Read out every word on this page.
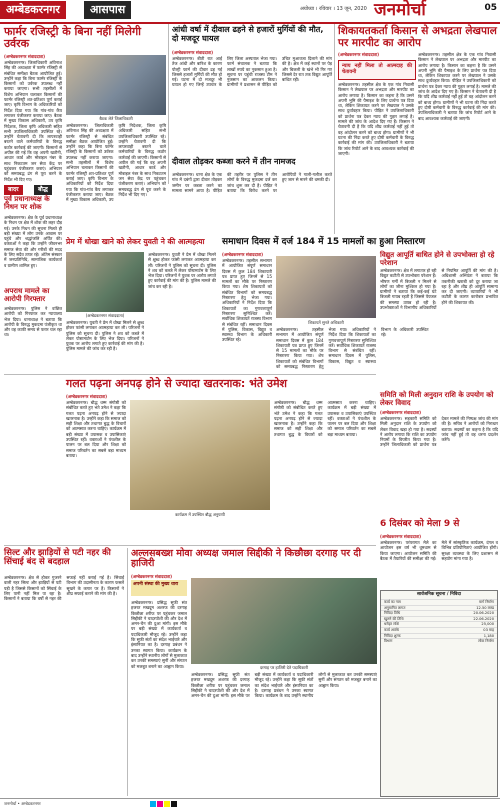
अम्बेडकरनगर	आसपास	अयोध्या । रविवार । 13 जून, 2020 जनमोर्चा	05
फार्मर रजिस्ट्री के बिना नहीं मिलेगी उर्वरक
(अम्बेडकरनगर संवाददाता)
अम्बेडकरनगर। जिलाधिकारी अविनाश सिंह की अध्यक्षता में फार्मर रजिस्ट्री से संबंधित समीक्षा बैठक आयोजित हुई। उन्होंने कहा कि बिना फार्मर रजिस्ट्री के किसानों को उर्वरक उपलब्ध नहीं कराया जाएगा। सभी तहसीलों में विशेष अभियान चलाकर किसानों की फार्मर रजिस्ट्री शत-प्रतिशत पूर्ण कराई जाए। कृषि विभाग के अधिकारियों को निर्देश दिया गया कि गांव-गांव कैंप लगाकर पंजीकरण कराया जाए। बैठक में मुख्य विकास अधिकारी, उप कृषि निदेशक, जिला कृषि अधिकारी सहित सभी उपजिलाधिकारी उपस्थित रहे। उन्होंने चेतावनी दी कि लापरवाही बरतने वाले कर्मचारियों के विरुद्ध कठोर कार्रवाई की जाएगी। किसानों से अपील की गई कि वह अपनी खतौनी, आधार कार्ड और मोबाइल नंबर के साथ निकटतम जन सेवा केंद्र पर पहुंचकर पंजीकरण कराएं। अभियान को समयबद्ध ढंग से पूरा करने के निर्देश भी दिए गए।
बैठक लेते जिलाधिकारी
अम्बेडकरनगर। जिलाधिकारी अविनाश सिंह की अध्यक्षता में फार्मर रजिस्ट्री से संबंधित समीक्षा बैठक आयोजित हुई। उन्होंने कहा कि बिना फार्मर रजिस्ट्री के किसानों को उर्वरक उपलब्ध नहीं कराया जाएगा। सभी तहसीलों में विशेष अभियान चलाकर किसानों की फार्मर रजिस्ट्री शत-प्रतिशत पूर्ण कराई जाए। कृषि विभाग के अधिकारियों को निर्देश दिया गया कि गांव-गांव कैंप लगाकर पंजीकरण कराया जाए। बैठक में मुख्य विकास अधिकारी, उप कृषि निदेशक, जिला कृषि अधिकारी सहित सभी उपजिलाधिकारी उपस्थित रहे। उन्होंने चेतावनी दी कि लापरवाही बरतने वाले कर्मचारियों के विरुद्ध कठोर कार्रवाई की जाएगी। किसानों से अपील की गई कि वह अपनी खतौनी, आधार कार्ड और मोबाइल नंबर के साथ निकटतम जन सेवा केंद्र पर पहुंचकर पंजीकरण कराएं। अभियान को समयबद्ध ढंग से पूरा करने के निर्देश भी दिए गए।
आंधी वर्षा में दीवाल ढहने से हजारों मुर्गियों की मौत, दो मजदूर घायल
(अम्बेडकरनगर संवाददाता)
अम्बेडकरनगर। बीती रात आई तेज आंधी और बारिश के कारण पोल्ट्री फार्म की दीवार ढह गई जिससे हजारों मुर्गियों की मौत हो गई। घटना में दो मजदूर भी घायल हो गए जिन्हें उपचार के लिए जिला अस्पताल भेजा गया। फार्म संचालक ने बताया कि लाखों रुपये का नुकसान हुआ है। सूचना पर पहुंची राजस्व टीम ने नुकसान का आकलन किया। ग्रामीणों ने प्रशासन से पीड़ित को उचित मुआवजा दिलाने की मांग की है। क्षेत्र में कई स्थानों पर पेड़ और बिजली के खंभे भी गिर गए जिससे देर रात तक विद्युत आपूर्ति बाधित रही।
शिकायतकर्ता किसान से अभद्रता लेखपाल पर मारपीट का आरोप
(अम्बेडकरनगर संवाददाता)
न्याय नहीं मिला तो आत्मदाह की चेतावनी
अम्बेडकरनगर। तहसील क्षेत्र के एक गांव निवासी किसान ने लेखपाल पर अभद्रता और मारपीट का आरोप लगाया है। किसान का कहना है कि उसने अपनी भूमि की पैमाइश के लिए प्रार्थना पत्र दिया था, लेकिन शिकायत करने पर लेखपाल ने उसके साथ दुर्व्यवहार किया। पीड़ित ने उपजिलाधिकारी को प्रार्थना पत्र देकर न्याय की गुहार लगाई है। मामले की जांच के आदेश दिए गए हैं। किसान ने चेतावनी दी है कि यदि शीघ्र कार्रवाई नहीं हुई तो वह आंदोलन करने को बाध्य होगा। ग्रामीणों ने भी घटना की निंदा करते हुए दोषी कर्मचारी के विरुद्ध कार्रवाई की मांग की। उपजिलाधिकारी ने बताया कि जांच रिपोर्ट आने के बाद आवश्यक कार्रवाई की जाएगी।
अम्बेडकरनगर। तहसील क्षेत्र के एक गांव निवासी किसान ने लेखपाल पर अभद्रता और मारपीट का आरोप लगाया है। किसान का कहना है कि उसने अपनी भूमि की पैमाइश के लिए प्रार्थना पत्र दिया था, लेकिन शिकायत करने पर लेखपाल ने उसके साथ दुर्व्यवहार किया। पीड़ित ने उपजिलाधिकारी को प्रार्थना पत्र देकर न्याय की गुहार लगाई है। मामले की जांच के आदेश दिए गए हैं। किसान ने चेतावनी दी है कि यदि शीघ्र कार्रवाई नहीं हुई तो वह आंदोलन करने को बाध्य होगा। ग्रामीणों ने भी घटना की निंदा करते हुए दोषी कर्मचारी के विरुद्ध कार्रवाई की मांग की। उपजिलाधिकारी ने बताया कि जांच रिपोर्ट आने के बाद आवश्यक कार्रवाई की जाएगी।
बादर	बौद्ध
पूर्व प्रधानाध्यक्ष के निधन पर शोक
अम्बेडकरनगर। क्षेत्र के पूर्व प्रधानाध्यक्ष के निधन पर क्षेत्र में शोक की लहर दौड़ गई। उनके निधन की सूचना मिलते ही बड़ी संख्या में लोग उनके आवास पर पहुंचे और श्रद्धांजलि अर्पित की। वक्ताओं ने कहा कि उन्होंने जीवनभर समाज सेवा की और गरीबों की मदद के लिए सदैव तत्पर रहे। अंतिम संस्कार में जनप्रतिनिधि, सामाजिक कार्यकर्ता व ग्रामीण शामिल हुए।
अपराध मामले का आरोपी गिरफ्तार
अम्बेडकरनगर। पुलिस ने वांछित आरोपी को गिरफ्तार कर न्यायालय भेज दिया। थानाध्यक्ष ने बताया कि आरोपी के विरुद्ध मुकदमा पंजीकृत था और वह काफी समय से फरार चल रहा था।
दीवाल तोड़कर कब्जा करने में तीन नामजद
अम्बेडकरनगर। थाना क्षेत्र के एक गांव में दबंगों द्वारा दीवार तोड़कर जमीन पर कब्जा करने का मामला सामने आया है। पीड़ित की तहरीर पर पुलिस ने तीन लोगों के विरुद्ध मुकदमा दर्ज कर जांच शुरू कर दी है। पीड़ित ने बताया कि विरोध करने पर आरोपियों ने गाली-गलौज करते हुए जान से मारने की धमकी दी।
प्रेम में धोखा खाने को लेकर युवती ने की आत्महत्या
(अम्बेडकरनगर संवाददाता)
अम्बेडकरनगर। युवती ने प्रेम में धोखा मिलने से क्षुब्ध होकर फांसी लगाकर आत्महत्या कर ली। परिजनों ने पुलिस को सूचना दी। पुलिस ने शव को कब्जे में लेकर पोस्टमार्टम के लिए भेज दिया। परिजनों ने युवक पर आरोप लगाते हुए कार्रवाई की मांग की है। पुलिस मामले की जांच कर रही है।
अम्बेडकरनगर। युवती ने प्रेम में धोखा मिलने से क्षुब्ध होकर फांसी लगाकर आत्महत्या कर ली। परिजनों ने पुलिस को सूचना दी। पुलिस ने शव को कब्जे में लेकर पोस्टमार्टम के लिए भेज दिया। परिजनों ने युवक पर आरोप लगाते हुए कार्रवाई की मांग की है। पुलिस मामले की जांच कर रही है।
समाधान दिवस में दर्ज 184 में 15 मामलों का हुआ निस्तारण
(अम्बेडकरनगर संवाददाता)
अम्बेडकरनगर। तहसील सभागार में आयोजित संपूर्ण समाधान दिवस में कुल 184 शिकायती पत्र प्राप्त हुए जिनमें से 15 मामलों का मौके पर निस्तारण किया गया। शेष शिकायतों को संबंधित विभागों को समयबद्ध निस्तारण हेतु भेजा गया। अधिकारियों ने निर्देश दिया कि शिकायतों का गुणवत्तापूर्ण निस्तारण सुनिश्चित करें। सर्वाधिक शिकायतें राजस्व विभाग से संबंधित रहीं। समाधान दिवस में पुलिस, विकास, विद्युत व स्वास्थ्य विभाग के अधिकारी उपस्थित रहे।
शिकायतें सुनते अधिकारी
अम्बेडकरनगर। तहसील सभागार में आयोजित संपूर्ण समाधान दिवस में कुल 184 शिकायती पत्र प्राप्त हुए जिनमें से 15 मामलों का मौके पर निस्तारण किया गया। शेष शिकायतों को संबंधित विभागों को समयबद्ध निस्तारण हेतु भेजा गया। अधिकारियों ने निर्देश दिया कि शिकायतों का गुणवत्तापूर्ण निस्तारण सुनिश्चित करें। सर्वाधिक शिकायतें राजस्व विभाग से संबंधित रहीं। समाधान दिवस में पुलिस, विकास, विद्युत व स्वास्थ्य विभाग के अधिकारी उपस्थित रहे।
विद्युत आपूर्ति बाधित होने से उपभोक्ता हो रहे परेशान
अम्बेडकरनगर। क्षेत्र में लगातार हो रही विद्युत कटौती से उपभोक्ता परेशान हैं। भीषण गर्मी में बिजली न मिलने से लोगों का जीना मुश्किल हो गया है। ग्रामीणों ने बताया कि कई-कई घंटे बिजली गायब रहती है जिससे पेयजल की समस्या उत्पन्न हो रही है। उपभोक्ताओं ने विभागीय अधिकारियों से नियमित आपूर्ति की मांग की है। अधिशासी अभियंता ने बताया कि तकनीकी खराबी को दूर कराया जा रहा है और शीघ्र ही आपूर्ति सामान्य कर दी जाएगी। व्यापारियों ने भी कटौती के कारण कारोबार प्रभावित होने की शिकायत की।
गलत पढ़ना अनपढ़ होने से ज्यादा खतरनाक: भंते उमेश
(अम्बेडकरनगर संवाददाता)
अम्बेडकरनगर। बौद्ध धम्म संगोष्ठी को संबोधित करते हुए भंते उमेश ने कहा कि गलत पढ़ना अनपढ़ होने से ज्यादा खतरनाक है। उन्होंने कहा कि समाज को सही शिक्षा और तथागत बुद्ध के विचारों को आत्मसात करना चाहिए। कार्यक्रम में बड़ी संख्या में उपासक व उपासिकाएं उपस्थित रहीं। वक्ताओं ने पंचशील के पालन पर बल दिया और शिक्षा को समाज परिवर्तन का सबसे बड़ा माध्यम बताया।
कार्यक्रम में उपस्थित बौद्ध अनुयायी
अम्बेडकरनगर। बौद्ध धम्म संगोष्ठी को संबोधित करते हुए भंते उमेश ने कहा कि गलत पढ़ना अनपढ़ होने से ज्यादा खतरनाक है। उन्होंने कहा कि समाज को सही शिक्षा और तथागत बुद्ध के विचारों को आत्मसात करना चाहिए। कार्यक्रम में बड़ी संख्या में उपासक व उपासिकाएं उपस्थित रहीं। वक्ताओं ने पंचशील के पालन पर बल दिया और शिक्षा को समाज परिवर्तन का सबसे बड़ा माध्यम बताया।
समिति को मिली अनुदान राशि के उपयोग को लेकर विवाद
(अम्बेडकरनगर संवाददाता)
अम्बेडकरनगर। सहकारी समिति को मिली अनुदान राशि के उपयोग को लेकर विवाद खड़ा हो गया है। सदस्यों ने आरोप लगाया कि राशि का उपयोग नियमों के विपरीत किया गया है। उन्होंने जिलाधिकारी को प्रार्थना पत्र देकर मामले की निष्पक्ष जांच की मांग की है। सचिव ने आरोपों को निराधार बताया। सदस्यों का कहना है कि यदि जांच नहीं हुई तो वह धरना प्रदर्शन करेंगे।
6 दिसंबर को मेला 9 से
(अम्बेडकरनगर संवाददाता)
अम्बेडकरनगर। परंपरागत मेले का आयोजन इस वर्ष भी धूमधाम से किया जाएगा। आयोजन समिति की बैठक में तैयारियों की समीक्षा की गई। मेले में सांस्कृतिक कार्यक्रम, दंगल व विभिन्न प्रतियोगिताएं आयोजित होंगी। सुरक्षा व्यवस्था के लिए प्रशासन से सहयोग मांगा गया है।
सिल्ट और झाड़ियों से पटी नहर की सिंचाई बंद से बदहाल
अम्बेडकरनगर। क्षेत्र से होकर गुजरने वाली नहर सिल्ट और झाड़ियों से पटी पड़ी है जिससे किसानों को सिंचाई के लिए पानी नहीं मिल पा रहा है। किसानों ने बताया कि वर्षों से नहर की सफाई नहीं कराई गई है। सिंचाई विभाग की उदासीनता के कारण फसलें सूखने के कगार पर हैं। किसानों ने शीघ्र सफाई कराने की मांग की है।
अल्लसबख्श मोवा अध्यक्ष जमाल सिद्दीकी ने किछौछा दरगाह पर दी हाजिरी
(अम्बेडकरनगर संवाददाता)
अपनी संस्था की मुख्य धारा
अम्बेडकरनगर। प्रसिद्ध सूफी संत हजरत मखदूम अशरफ की दरगाह किछौछा शरीफ पर पहुंचकर जमाल सिद्दीकी ने चादरपोशी की और देश में अमन-चैन की दुआ मांगी। इस मौके पर बड़ी संख्या में कार्यकर्ता व पदाधिकारी मौजूद रहे। उन्होंने कहा कि सूफी संतों का संदेश भाईचारे और इंसानियत का है। दरगाह प्रबंधन ने उनका स्वागत किया। कार्यक्रम के बाद उन्होंने स्थानीय लोगों से मुलाकात कर उनकी समस्याएं सुनीं और संगठन को मजबूत बनाने का आह्वान किया।	दरगाह पर हाजिरी देते पदाधिकारी
अम्बेडकरनगर। प्रसिद्ध सूफी संत हजरत मखदूम अशरफ की दरगाह किछौछा शरीफ पर पहुंचकर जमाल सिद्दीकी ने चादरपोशी की और देश में अमन-चैन की दुआ मांगी। इस मौके पर बड़ी संख्या में कार्यकर्ता व पदाधिकारी मौजूद रहे। उन्होंने कहा कि सूफी संतों का संदेश भाईचारे और इंसानियत का है। दरगाह प्रबंधन ने उनका स्वागत किया। कार्यक्रम के बाद उन्होंने स्थानीय लोगों से मुलाकात कर उनकी समस्याएं सुनीं और संगठन को मजबूत बनाने का आह्वान किया।
सार्वजनिक सूचना / निविदा
कार्य का नाम	मार्ग निर्माण
अनुमानित लागत	12.50 लाख
निविदा तिथि	20.06.2020
खुलने की तिथि	22.06.2020
धरोहर राशि	25,000
कार्य अवधि	03 माह
निविदा शुल्क	1,180
विभाग	लोक निर्माण
जनमोर्चा • अम्बेडकरनगर
